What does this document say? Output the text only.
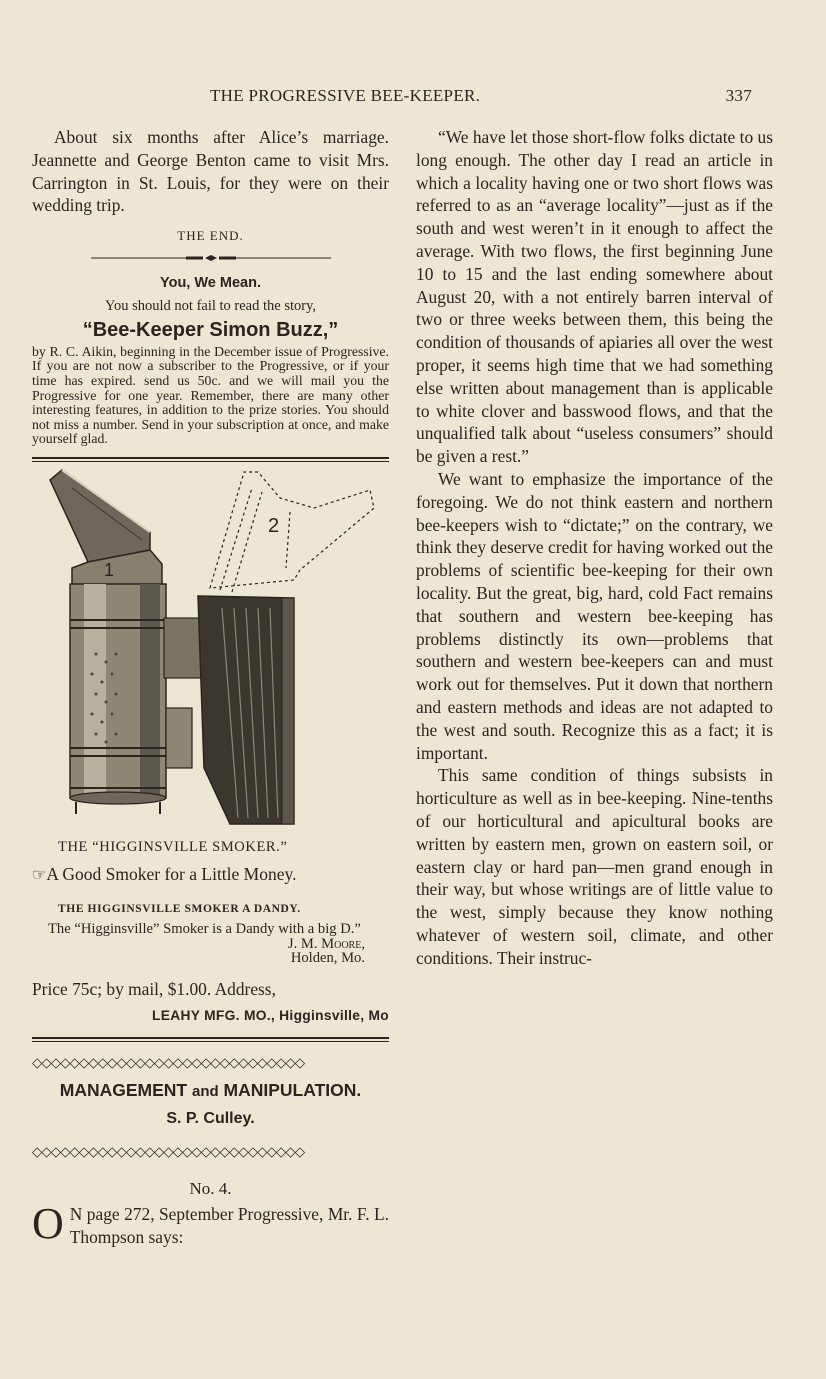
THE PROGRESSIVE BEE-KEEPER.	337

About six months after Alice’s marriage. Jeannette and George Benton came to visit Mrs. Carrington in St. Louis, for they were on their wedding trip.

THE END.
You, We Mean.
You should not fail to read the story,
“Bee-Keeper Simon Buzz,”

by R. C. Aikin, beginning in the December issue of Progressive. If you are not now a subscriber to the Progressive, or if your time has expired. send us 50c. and we will mail you the Progressive for one year. Remember, there are many other interesting features, in addition to the prize stories. You should not miss a number. Send in your subscription at once, and make yourself glad.

2
1
THE “HIGGINSVILLE SMOKER.”
☞A Good Smoker for a Little Money.
THE HIGGINSVILLE SMOKER A DANDY.

The “Higginsville” Smoker is a Dandy with a big D.”

J. M. Moore,

Holden, Mo.

Price 75c; by mail, $1.00. Address,
LEAHY MFG. MO., Higginsville, Mo
◇◇◇◇◇◇◇◇◇◇◇◇◇◇◇◇◇◇◇◇◇◇◇◇◇◇◇◇◇
MANAGEMENT and MANIPULATION.
S. P. Culley.
◇◇◇◇◇◇◇◇◇◇◇◇◇◇◇◇◇◇◇◇◇◇◇◇◇◇◇◇◇
No. 4.
O N page 272, September Progressive, Mr. F. L. Thompson says:

“We have let those short-flow folks dictate to us long enough. The other day I read an article in which a locality having one or two short flows was referred to as an “average locality”—just as if the south and west weren’t in it enough to affect the average. With two flows, the first beginning June 10 to 15 and the last ending somewhere about August 20, with a not entirely barren interval of two or three weeks between them, this being the condition of thousands of apiaries all over the west proper, it seems high time that we had something else written about management than is applicable to white clover and basswood flows, and that the unqualified talk about “useless consumers” should be given a rest.”

We want to emphasize the importance of the foregoing. We do not think eastern and northern bee-keepers wish to “dictate;” on the contrary, we think they deserve credit for having worked out the problems of scientific bee-keeping for their own locality. But the great, big, hard, cold Fact remains that southern and western bee-keeping has problems distinctly its own—problems that southern and western bee-keepers can and must work out for themselves. Put it down that northern and eastern methods and ideas are not adapted to the west and south. Recognize this as a fact; it is important.

This same condition of things subsists in horticulture as well as in bee-keeping. Nine-tenths of our horticultural and apicultural books are written by eastern men, grown on eastern soil, or eastern clay or hard pan—men grand enough in their way, but whose writings are of little value to the west, simply because they know nothing whatever of western soil, climate, and other conditions. Their instruc-
